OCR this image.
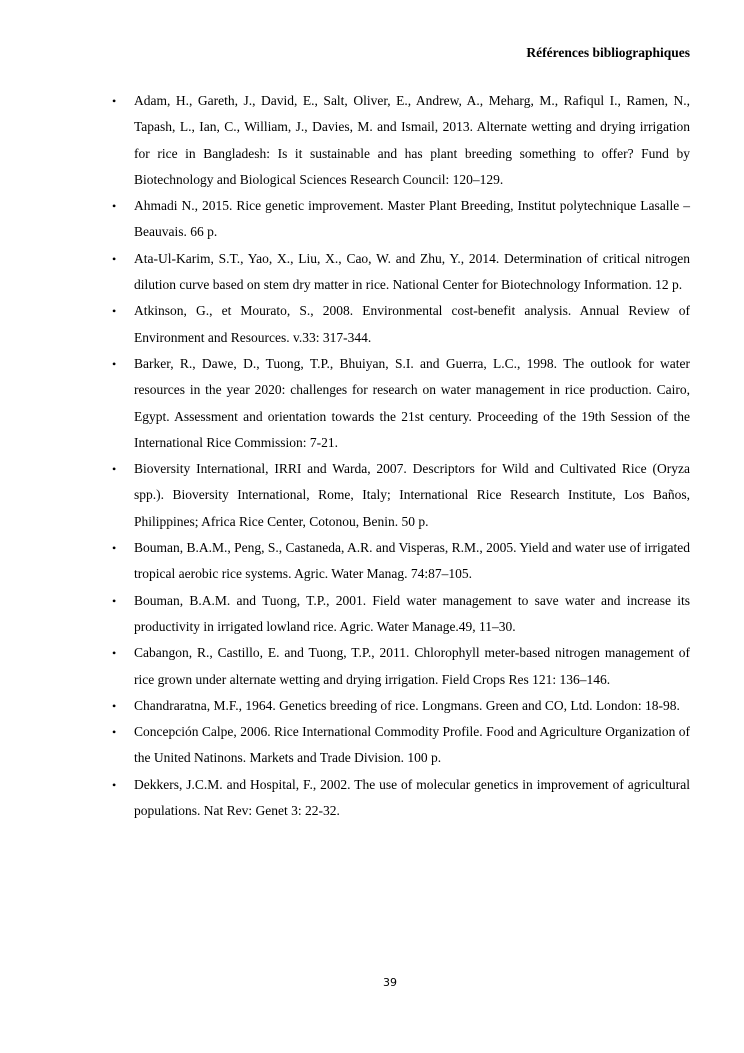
Références bibliographiques
• Adam, H., Gareth, J., David, E., Salt, Oliver, E., Andrew, A., Meharg, M., Rafiqul I., Ramen, N., Tapash, L., Ian, C., William, J., Davies, M. and Ismail, 2013. Alternate wetting and drying irrigation for rice in Bangladesh: Is it sustainable and has plant breeding something to offer? Fund by Biotechnology and Biological Sciences Research Council: 120–129.
• Ahmadi N., 2015. Rice genetic improvement. Master Plant Breeding, Institut polytechnique Lasalle – Beauvais. 66 p.
• Ata-Ul-Karim, S.T., Yao, X., Liu, X., Cao, W. and Zhu, Y., 2014. Determination of critical nitrogen dilution curve based on stem dry matter in rice. National Center for Biotechnology Information. 12 p.
• Atkinson, G., et Mourato, S., 2008. Environmental cost-benefit analysis. Annual Review of Environment and Resources. v.33: 317-344.
• Barker, R., Dawe, D., Tuong, T.P., Bhuiyan, S.I. and Guerra, L.C., 1998. The outlook for water resources in the year 2020: challenges for research on water management in rice production. Cairo, Egypt. Assessment and orientation towards the 21st century. Proceeding of the 19th Session of the International Rice Commission: 7-21.
• Bioversity International, IRRI and Warda, 2007. Descriptors for Wild and Cultivated Rice (Oryza spp.). Bioversity International, Rome, Italy; International Rice Research Institute, Los Baños, Philippines; Africa Rice Center, Cotonou, Benin. 50 p.
• Bouman, B.A.M., Peng, S., Castaneda, A.R. and Visperas, R.M., 2005. Yield and water use of irrigated tropical aerobic rice systems. Agric. Water Manag. 74:87–105.
• Bouman, B.A.M. and Tuong, T.P., 2001. Field water management to save water and increase its productivity in irrigated lowland rice. Agric. Water Manage.49, 11–30.
• Cabangon, R., Castillo, E. and Tuong, T.P., 2011. Chlorophyll meter-based nitrogen management of rice grown under alternate wetting and drying irrigation. Field Crops Res 121: 136–146.
• Chandraratna, M.F., 1964. Genetics breeding of rice. Longmans. Green and CO, Ltd. London: 18-98.
• Concepción Calpe, 2006. Rice International Commodity Profile. Food and Agriculture Organization of the United Natinons. Markets and Trade Division. 100 p.
• Dekkers, J.C.M. and Hospital, F., 2002. The use of molecular genetics in improvement of agricultural populations. Nat Rev: Genet 3: 22-32.
39
